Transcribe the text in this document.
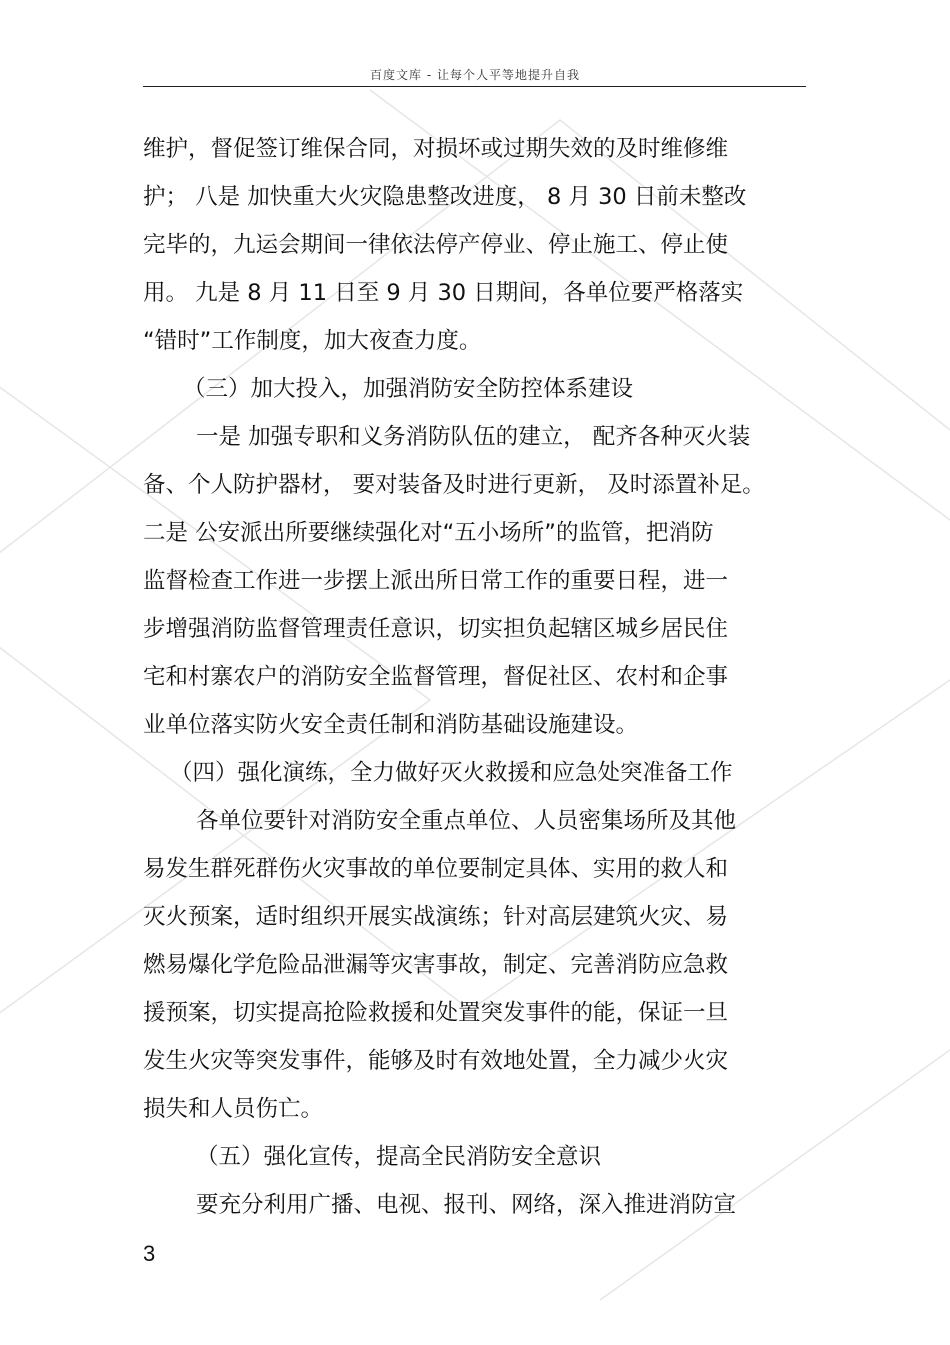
百度文库 - 让每个人平等地提升自我
维护，督促签订维保合同，对损坏或过期失效的及时维修维
护； 八是 加快重大火灾隐患整改进度， 8 月 30 日前未整改
完毕的，九运会期间一律依法停产停业、停止施工、停止使
用。 九是 8 月 11 日至 9 月 30 日期间，各单位要严格落实
“错时”工作制度，加大夜查力度。
（三）加大投入，加强消防安全防控体系建设
一是 加强专职和义务消防队伍的建立， 配齐各种灭火装
备、个人防护器材， 要对装备及时进行更新， 及时添置补足。
二是 公安派出所要继续强化对“五小场所”的监管，把消防
监督检查工作进一步摆上派出所日常工作的重要日程，进一
步增强消防监督管理责任意识，切实担负起辖区城乡居民住
宅和村寨农户的消防安全监督管理，督促社区、农村和企事
业单位落实防火安全责任制和消防基础设施建设。
（四）强化演练，全力做好灭火救援和应急处突准备工作
各单位要针对消防安全重点单位、人员密集场所及其他
易发生群死群伤火灾事故的单位要制定具体、实用的救人和
灭火预案，适时组织开展实战演练；针对高层建筑火灾、易
燃易爆化学危险品泄漏等灾害事故，制定、完善消防应急救
援预案，切实提高抢险救援和处置突发事件的能，保证一旦
发生火灾等突发事件，能够及时有效地处置，全力减少火灾
损失和人员伤亡。
（五）强化宣传，提高全民消防安全意识
要充分利用广播、电视、报刊、网络，深入推进消防宣
3
